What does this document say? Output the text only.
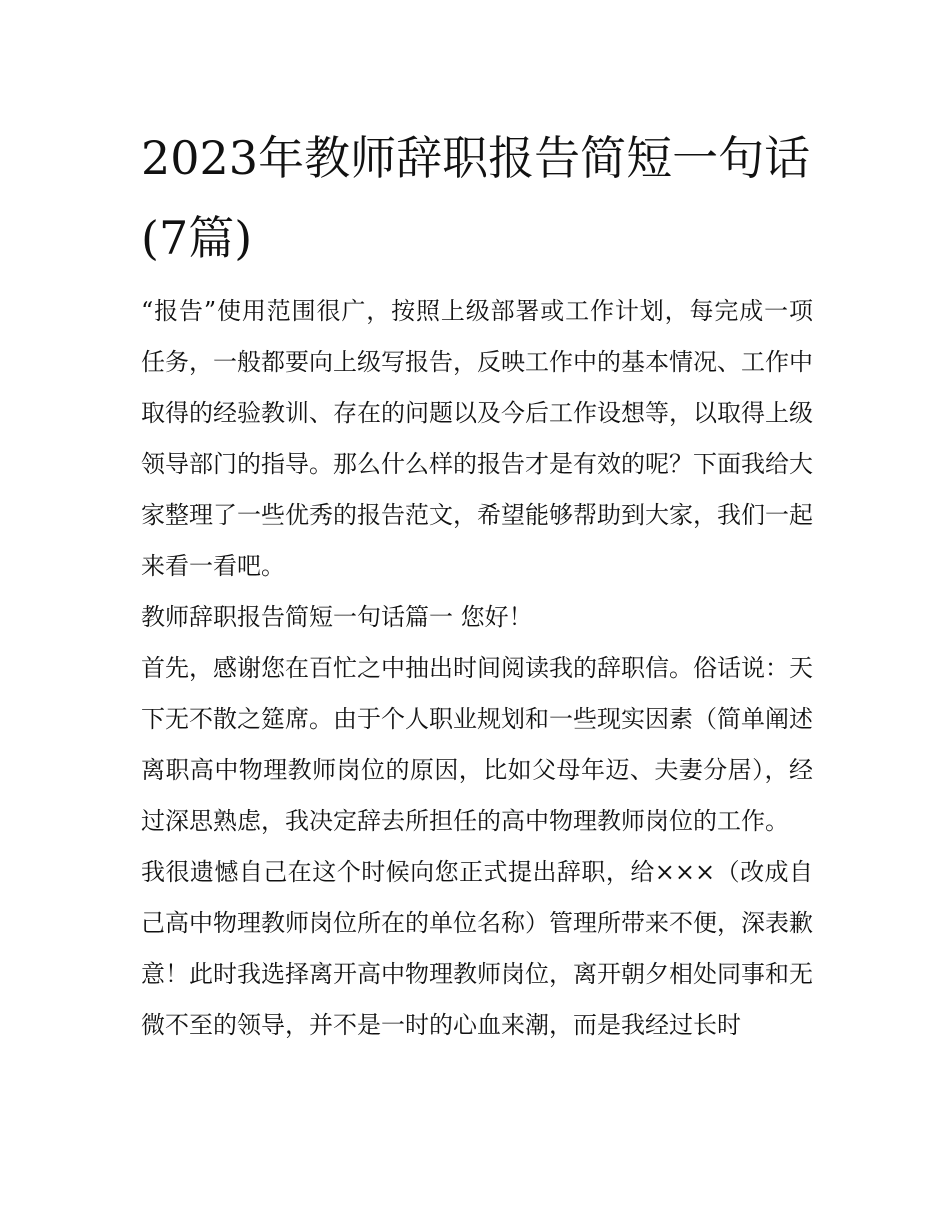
2023年教师辞职报告简短一句话(7篇)

“报告”使用范围很广，按照上级部署或工作计划，每完成一项任务，一般都要向上级写报告，反映工作中的基本情况、工作中取得的经验教训、存在的问题以及今后工作设想等，以取得上级领导部门的指导。那么什么样的报告才是有效的呢？下面我给大家整理了一些优秀的报告范文，希望能够帮助到大家，我们一起来看一看吧。

教师辞职报告简短一句话篇一 您好！

首先，感谢您在百忙之中抽出时间阅读我的辞职信。俗话说：天下无不散之筵席。由于个人职业规划和一些现实因素（简单阐述离职高中物理教师岗位的原因，比如父母年迈、夫妻分居），经过深思熟虑，我决定辞去所担任的高中物理教师岗位的工作。

我很遗憾自己在这个时候向您正式提出辞职，给×××（改成自己高中物理教师岗位所在的单位名称）管理所带来不便，深表歉意！此时我选择离开高中物理教师岗位，离开朝夕相处同事和无微不至的领导，并不是一时的心血来潮，而是我经过长时
